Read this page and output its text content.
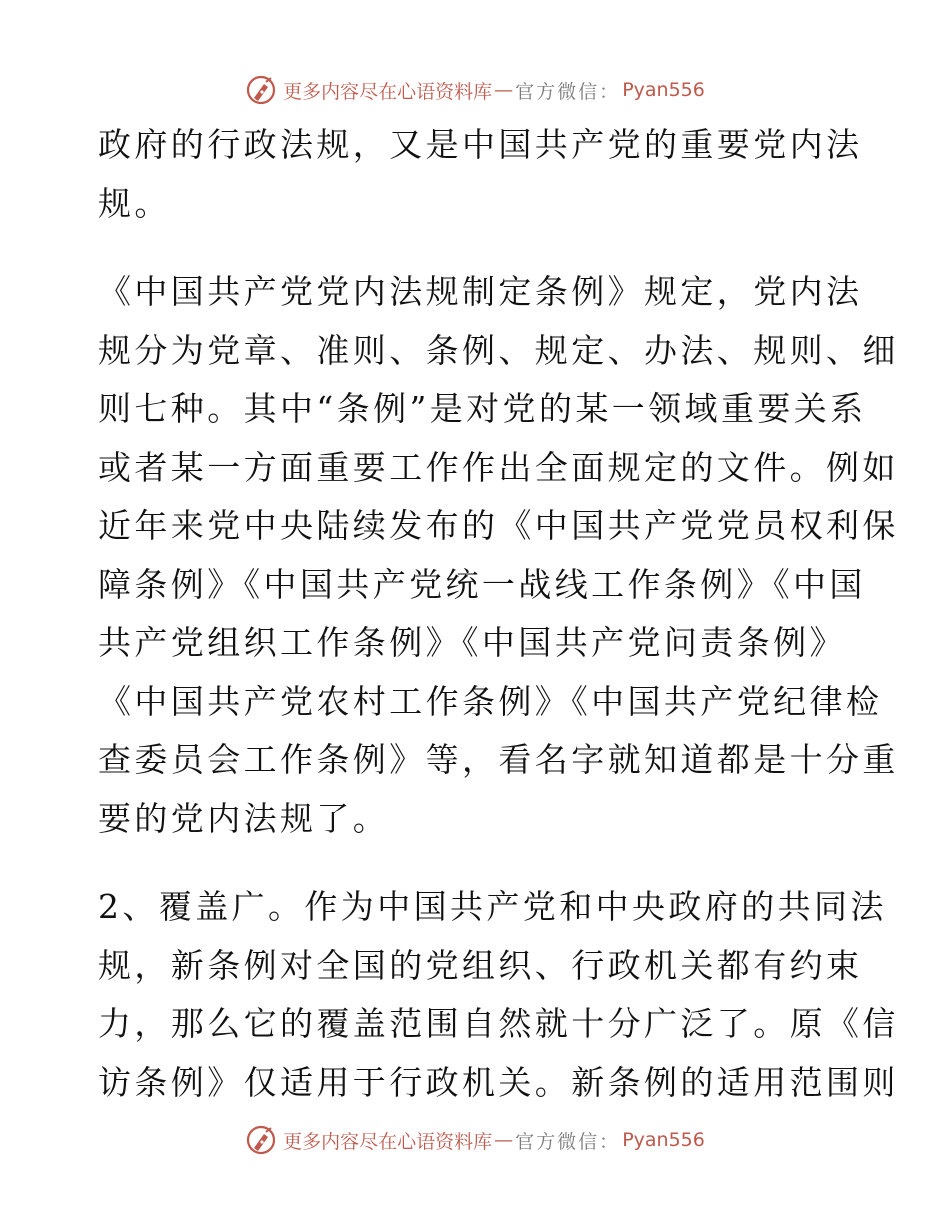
更多内容尽在心语资料库 — 官方微信： Pyan556
政府的行政法规，又是中国共产党的重要党内法
规。
《中国共产党党内法规制定条例》规定，党内法
规分为党章、准则、条例、规定、办法、规则、细
则七种。其中“条例”是对党的某一领域重要关系
或者某一方面重要工作作出全面规定的文件。例如
近年来党中央陆续发布的《中国共产党党员权利保
障条例》《中国共产党统一战线工作条例》《中国
共产党组织工作条例》《中国共产党问责条例》
《中国共产党农村工作条例》《中国共产党纪律检
查委员会工作条例》等，看名字就知道都是十分重
要的党内法规了。
2、覆盖广。作为中国共产党和中央政府的共同法
规，新条例对全国的党组织、行政机关都有约束
力，那么它的覆盖范围自然就十分广泛了。原《信
访条例》仅适用于行政机关。新条例的适用范围则
更多内容尽在心语资料库 — 官方微信： Pyan556
